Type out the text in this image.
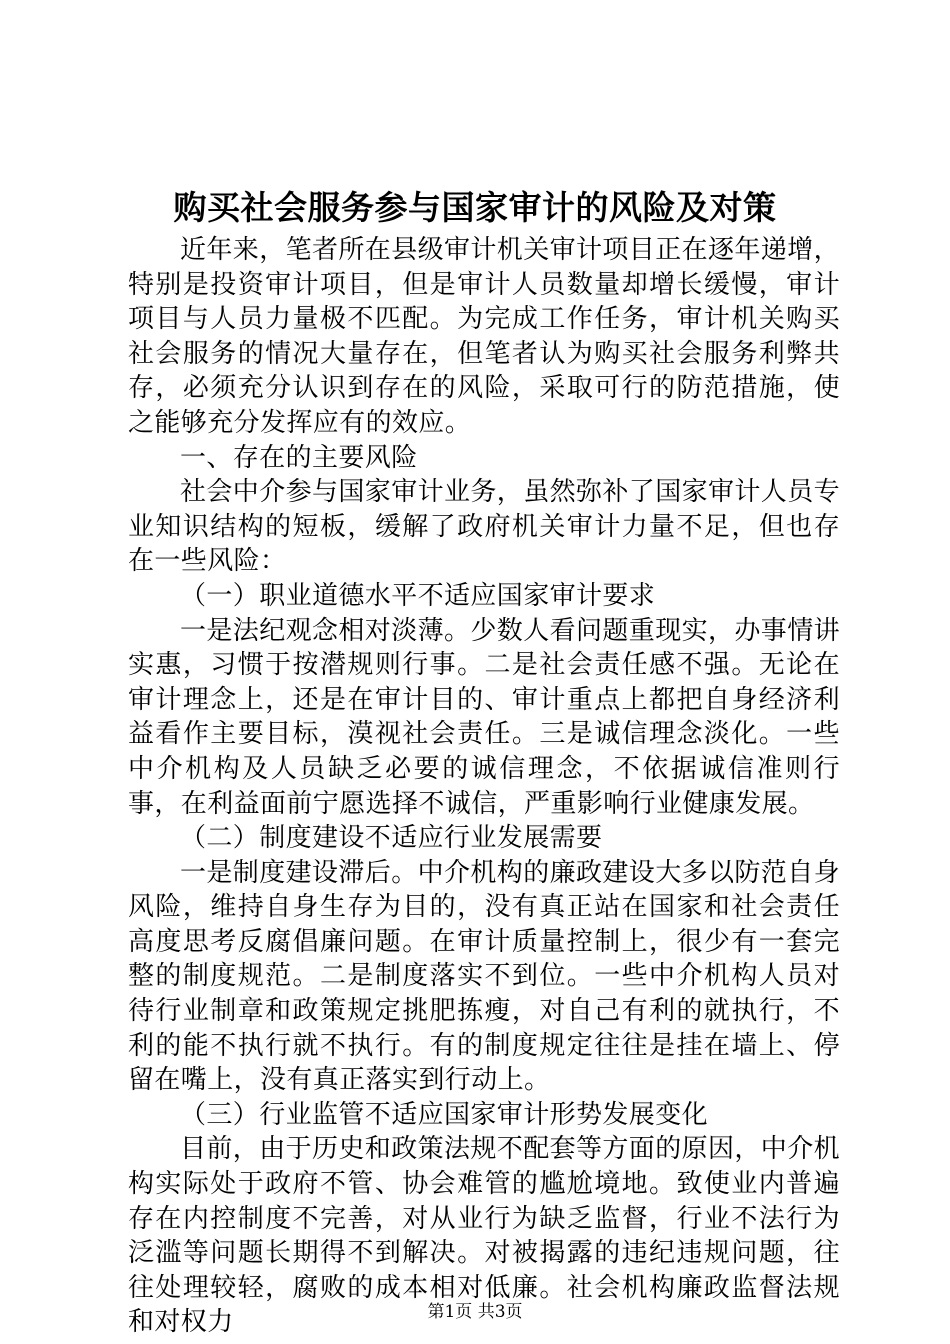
购买社会服务参与国家审计的风险及对策

近年来，笔者所在县级审计机关审计项目正在逐年递增，特别是投资审计项目，但是审计人员数量却增长缓慢，审计项目与人员力量极不匹配。为完成工作任务，审计机关购买社会服务的情况大量存在，但笔者认为购买社会服务利弊共存，必须充分认识到存在的风险，采取可行的防范措施，使之能够充分发挥应有的效应。

一、存在的主要风险

社会中介参与国家审计业务，虽然弥补了国家审计人员专业知识结构的短板，缓解了政府机关审计力量不足，但也存在一些风险：

（一）职业道德水平不适应国家审计要求

一是法纪观念相对淡薄。少数人看问题重现实，办事情讲实惠，习惯于按潜规则行事。二是社会责任感不强。无论在审计理念上，还是在审计目的、审计重点上都把自身经济利益看作主要目标，漠视社会责任。三是诚信理念淡化。一些中介机构及人员缺乏必要的诚信理念，不依据诚信准则行事，在利益面前宁愿选择不诚信，严重影响行业健康发展。

（二）制度建设不适应行业发展需要

一是制度建设滞后。中介机构的廉政建设大多以防范自身风险，维持自身生存为目的，没有真正站在国家和社会责任高度思考反腐倡廉问题。在审计质量控制上，很少有一套完整的制度规范。二是制度落实不到位。一些中介机构人员对待行业制章和政策规定挑肥拣瘦，对自己有利的就执行，不利的能不执行就不执行。有的制度规定往往是挂在墙上、停留在嘴上，没有真正落实到行动上。

（三）行业监管不适应国家审计形势发展变化

目前，由于历史和政策法规不配套等方面的原因，中介机构实际处于政府不管、协会难管的尴尬境地。致使业内普遍存在内控制度不完善，对从业行为缺乏监督，行业不法行为泛滥等问题长期得不到解决。对被揭露的违纪违规问题，往往处理较轻，腐败的成本相对低廉。社会机构廉政监督法规和对权力	第1页 共3页
